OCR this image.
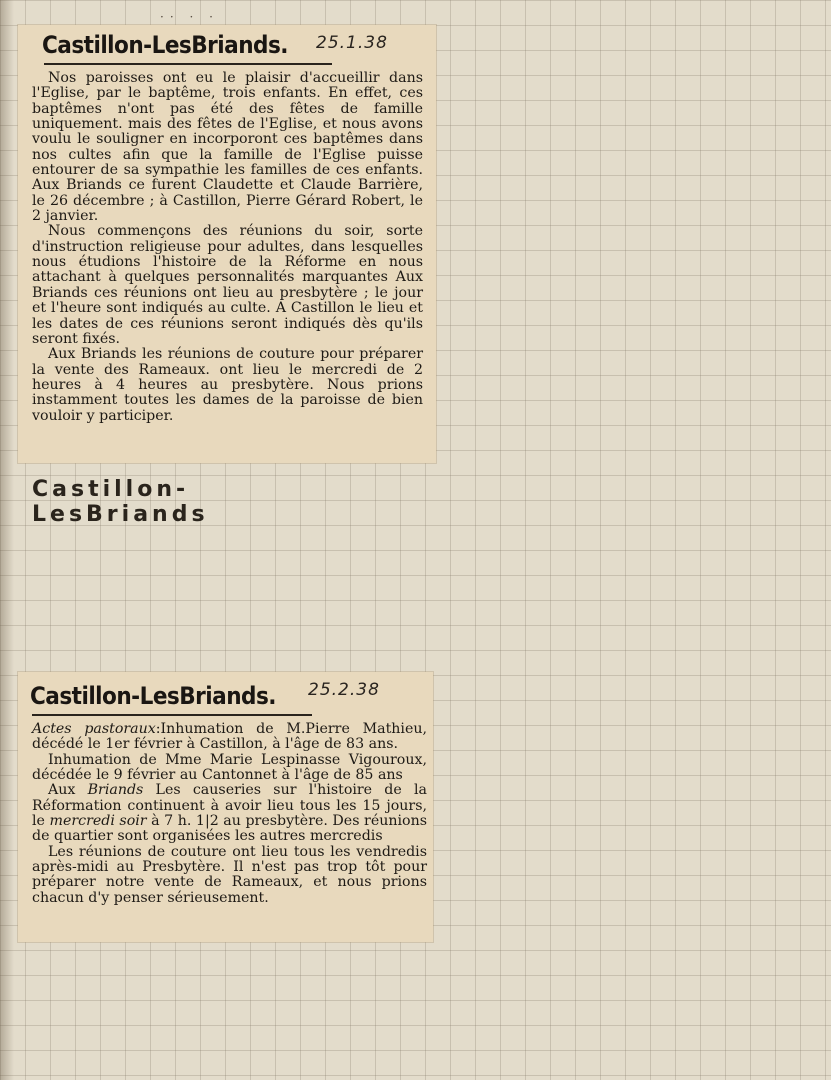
·· · ·
Castillon-LesBriands. 25.1.38

Nos paroisses ont eu le plaisir d'accueillir dans l'Eglise, par le baptême, trois enfants. En effet, ces baptêmes n'ont pas été des fêtes de famille uniquement. mais des fêtes de l'Eglise, et nous avons voulu le souligner en incorporont ces baptêmes dans nos cultes afin que la famille de l'Eglise puisse entourer de sa sympathie les familles de ces enfants. Aux Briands ce furent Claudette et Claude Barrière, le 26 décembre ; à Castillon, Pierre Gérard Robert, le 2 janvier.

Nous commençons des réunions du soir, sorte d'instruction religieuse pour adultes, dans lesquelles nous étudions l'histoire de la Réforme en nous attachant à quelques personnalités marquantes Aux Briands ces réunions ont lieu au presbytère ; le jour et l'heure sont indiqués au culte. A Castillon le lieu et les dates de ces réunions seront indiqués dès qu'ils seront fixés.

Aux Briands les réunions de couture pour préparer la vente des Rameaux. ont lieu le mercredi de 2 heures à 4 heures au presbytère. Nous prions instamment toutes les dames de la paroisse de bien vouloir y participer.

Castillon-LesBriands
Castillon-LesBriands. 25.2.38

Actes pastoraux:Inhumation de M.Pierre Mathieu, décédé le 1er février à Castillon, à l'âge de 83 ans.

Inhumation de Mme Marie Lespinasse Vigouroux, décédée le 9 février au Cantonnet à l'âge de 85 ans

Aux Briands Les causeries sur l'histoire de la Réformation continuent à avoir lieu tous les 15 jours, le mercredi soir à 7 h. 1|2 au presbytère. Des réunions de quartier sont organisées les autres mercredis

Les réunions de couture ont lieu tous les vendredis après-midi au Presbytère. Il n'est pas trop tôt pour préparer notre vente de Rameaux, et nous prions chacun d'y penser sérieusement.
